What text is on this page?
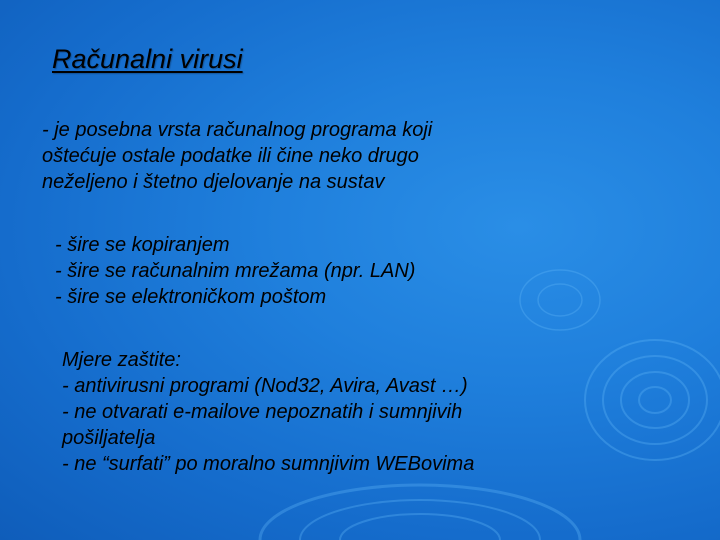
Računalni virusi
- je posebna vrsta računalnog programa koji
oštećuje ostale podatke ili čine neko drugo
neželjeno i štetno djelovanje na sustav
- šire se kopiranjem
- šire se računalnim mrežama (npr. LAN)
- šire se elektroničkom poštom
Mjere zaštite:
- antivirusni programi (Nod32, Avira, Avast …)
- ne otvarati e-mailove nepoznatih i sumnjivih
pošiljatelja
- ne “surfati” po moralno sumnjivim WEBovima
